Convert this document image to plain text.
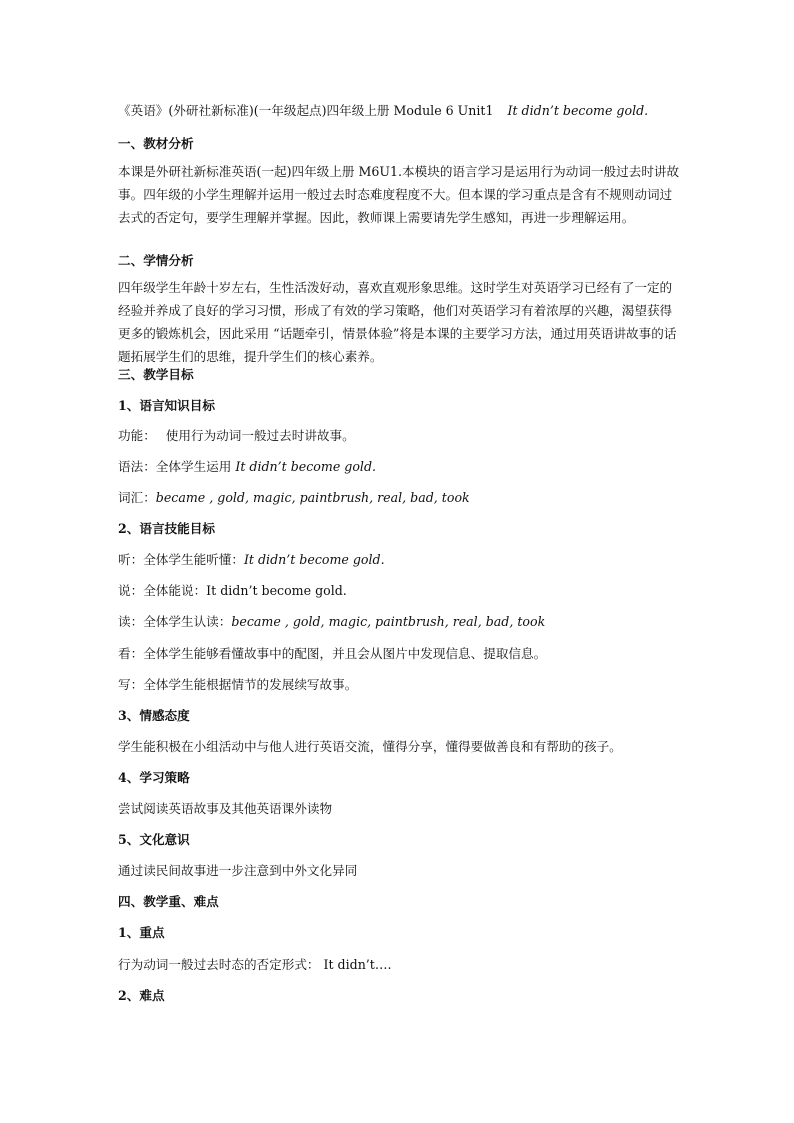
《英语》(外研社新标准)(一年级起点)四年级上册 Module 6 Unit1 It didn’t become gold.
一、教材分析
本课是外研社新标准英语(一起)四年级上册 M6U1.本模块的语言学习是运用行为动词一般过去时讲故事。四年级的小学生理解并运用一般过去时态难度程度不大。但本课的学习重点是含有不规则动词过去式的否定句，要学生理解并掌握。因此，教师课上需要请先学生感知，再进一步理解运用。
二、学情分析
四年级学生年龄十岁左右，生性活泼好动，喜欢直观形象思维。这时学生对英语学习已经有了一定的经验并养成了良好的学习习惯，形成了有效的学习策略，他们对英语学习有着浓厚的兴趣，渴望获得更多的锻炼机会，因此采用 “话题牵引，情景体验”将是本课的主要学习方法，通过用英语讲故事的话题拓展学生们的思维，提升学生们的核心素养。
三、教学目标
1、语言知识目标
功能： 使用行为动词一般过去时讲故事。
语法：全体学生运用 It didn’t become gold.
词汇：became , gold, magic, paintbrush, real, bad, took
2、语言技能目标
听：全体学生能听懂：It didn’t become gold.
说：全体能说：It didn’t become gold.
读：全体学生认读：became , gold, magic, paintbrush, real, bad, took
看：全体学生能够看懂故事中的配图，并且会从图片中发现信息、提取信息。
写：全体学生能根据情节的发展续写故事。
3、情感态度
学生能积极在小组活动中与他人进行英语交流，懂得分享，懂得要做善良和有帮助的孩子。
4、学习策略
尝试阅读英语故事及其他英语课外读物
5、文化意识
通过读民间故事进一步注意到中外文化异同
四、教学重、难点
1、重点
行为动词一般过去时态的否定形式： It didn’t….
2、难点
